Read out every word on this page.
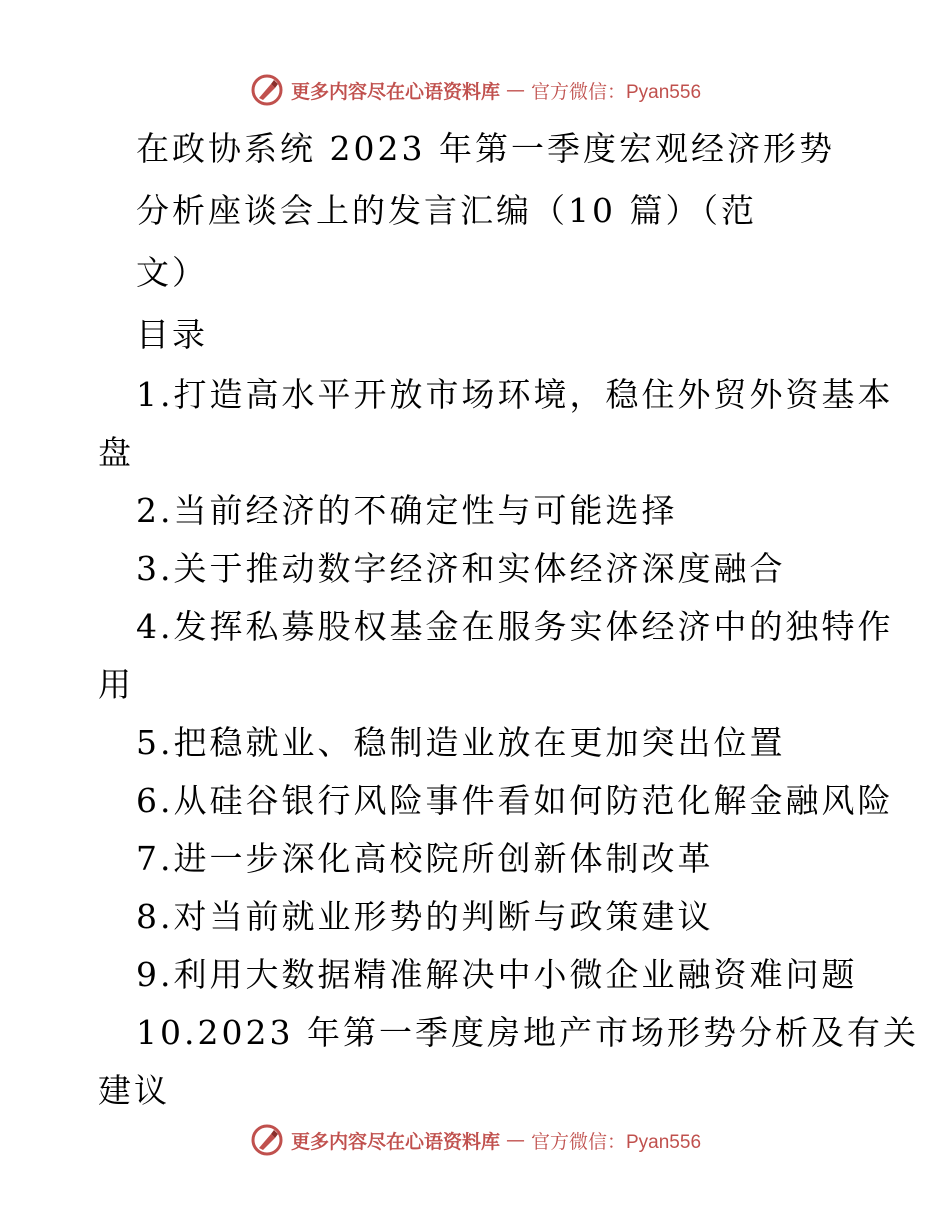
更多内容尽在心语资料库 — 官方微信：Pyan556
在政协系统 2023 年第一季度宏观经济形势
分析座谈会上的发言汇编（10 篇）（范
文）
目录
1.打造高水平开放市场环境，稳住外贸外资基本
盘
2.当前经济的不确定性与可能选择
3.关于推动数字经济和实体经济深度融合
4.发挥私募股权基金在服务实体经济中的独特作
用
5.把稳就业、稳制造业放在更加突出位置
6.从硅谷银行风险事件看如何防范化解金融风险
7.进一步深化高校院所创新体制改革
8.对当前就业形势的判断与政策建议
9.利用大数据精准解决中小微企业融资难问题
10.2023 年第一季度房地产市场形势分析及有关
建议
更多内容尽在心语资料库 — 官方微信：Pyan556
